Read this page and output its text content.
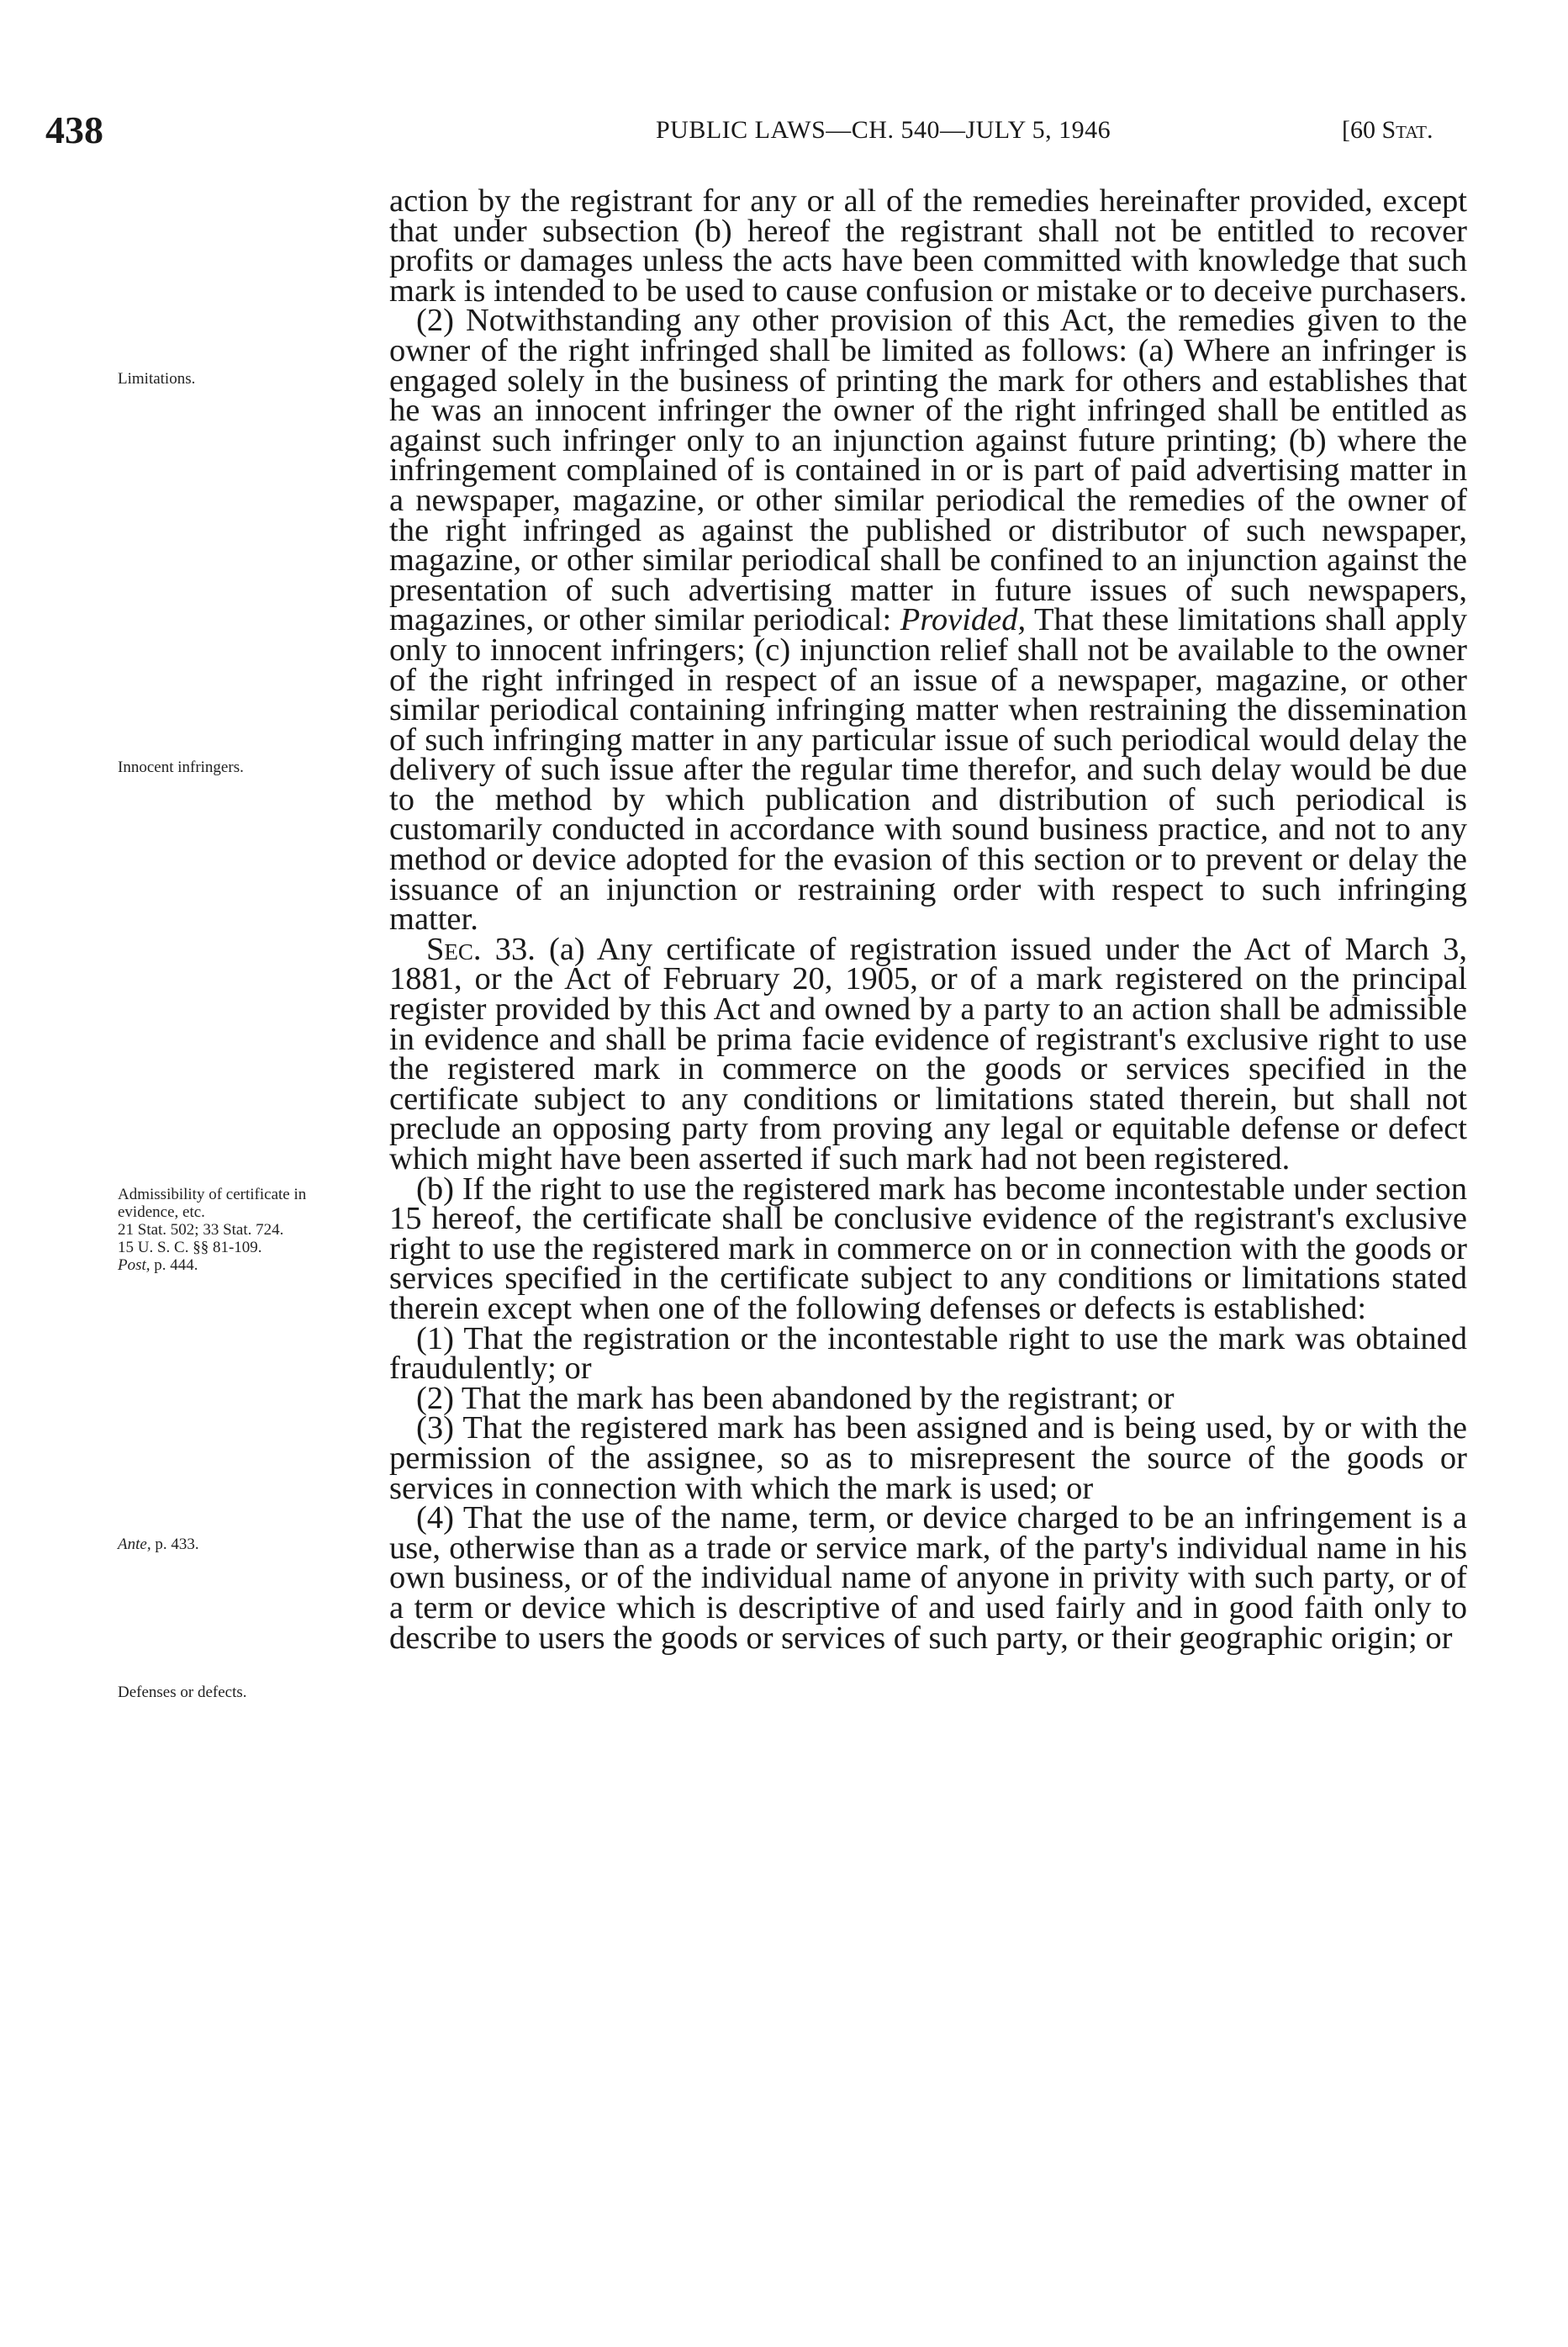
438	PUBLIC LAWS—CH. 540—JULY 5, 1946	[60 Stat.
Limitations.
Innocent infringers.
Admissibility of certificate in evidence, etc.
21 Stat. 502; 33 Stat. 724.
15 U. S. C. §§ 81-109.
Post, p. 444.
Ante, p. 433.
Defenses or defects.

action by the registrant for any or all of the remedies hereinafter provided, except that under subsection (b) hereof the registrant shall not be entitled to recover profits or damages unless the acts have been committed with knowledge that such mark is intended to be used to cause confusion or mistake or to deceive purchasers.

(2) Notwithstanding any other provision of this Act, the remedies given to the owner of the right infringed shall be limited as follows: (a) Where an infringer is engaged solely in the business of printing the mark for others and establishes that he was an innocent infringer the owner of the right infringed shall be entitled as against such infringer only to an injunction against future printing; (b) where the infringement complained of is contained in or is part of paid advertising matter in a newspaper, magazine, or other similar periodical the remedies of the owner of the right infringed as against the published or distributor of such newspaper, magazine, or other similar periodical shall be confined to an injunction against the presentation of such advertising matter in future issues of such newspapers, magazines, or other similar periodical: Provided, That these limitations shall apply only to innocent infringers; (c) injunction relief shall not be available to the owner of the right infringed in respect of an issue of a newspaper, magazine, or other similar periodical containing infringing matter when restraining the dissemination of such infringing matter in any particular issue of such periodical would delay the delivery of such issue after the regular time therefor, and such delay would be due to the method by which publication and distribution of such periodical is customarily conducted in accordance with sound business practice, and not to any method or device adopted for the evasion of this section or to prevent or delay the issuance of an injunction or restraining order with respect to such infringing matter.

Sec. 33. (a) Any certificate of registration issued under the Act of March 3, 1881, or the Act of February 20, 1905, or of a mark registered on the principal register provided by this Act and owned by a party to an action shall be admissible in evidence and shall be prima facie evidence of registrant's exclusive right to use the registered mark in commerce on the goods or services specified in the certificate subject to any conditions or limitations stated therein, but shall not preclude an opposing party from proving any legal or equitable defense or defect which might have been asserted if such mark had not been registered.

(b) If the right to use the registered mark has become incontestable under section 15 hereof, the certificate shall be conclusive evidence of the registrant's exclusive right to use the registered mark in commerce on or in connection with the goods or services specified in the certificate subject to any conditions or limitations stated therein except when one of the following defenses or defects is established:

(1) That the registration or the incontestable right to use the mark was obtained fraudulently; or

(2) That the mark has been abandoned by the registrant; or

(3) That the registered mark has been assigned and is being used, by or with the permission of the assignee, so as to misrepresent the source of the goods or services in connection with which the mark is used; or

(4) That the use of the name, term, or device charged to be an infringement is a use, otherwise than as a trade or service mark, of the party's individual name in his own business, or of the individual name of anyone in privity with such party, or of a term or device which is descriptive of and used fairly and in good faith only to describe to users the goods or services of such party, or their geographic origin; or
